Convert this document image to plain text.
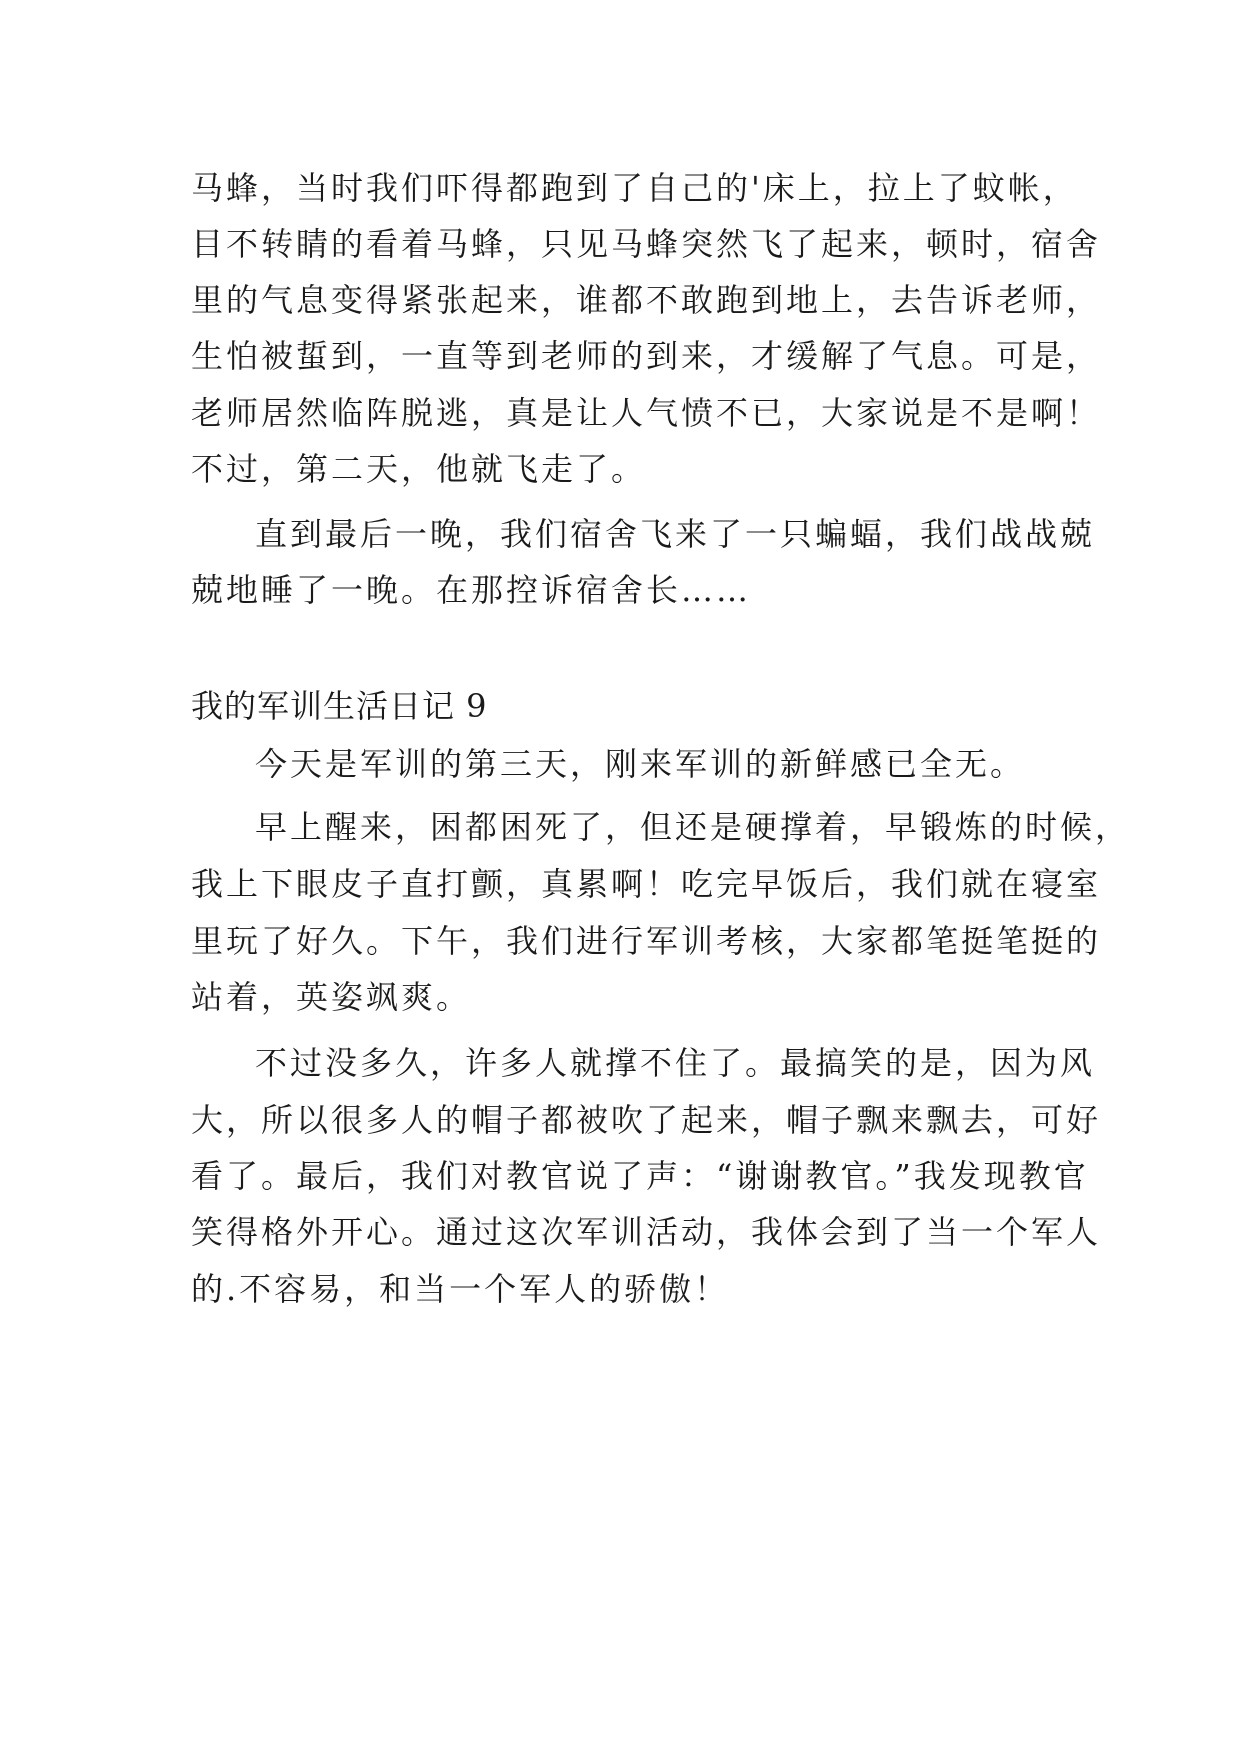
马蜂，当时我们吓得都跑到了自己的'床上，拉上了蚊帐，
目不转睛的看着马蜂，只见马蜂突然飞了起来，顿时，宿舍
里的气息变得紧张起来，谁都不敢跑到地上，去告诉老师，
生怕被蜇到，一直等到老师的到来，才缓解了气息。可是，
老师居然临阵脱逃，真是让人气愤不已，大家说是不是啊！
不过，第二天，他就飞走了。
直到最后一晚，我们宿舍飞来了一只蝙蝠，我们战战兢
兢地睡了一晚。在那控诉宿舍长……
我的军训生活日记 9
今天是军训的第三天，刚来军训的新鲜感已全无。
早上醒来，困都困死了，但还是硬撑着，早锻炼的时候，
我上下眼皮子直打颤，真累啊！吃完早饭后，我们就在寝室
里玩了好久。下午，我们进行军训考核，大家都笔挺笔挺的
站着，英姿飒爽。
不过没多久，许多人就撑不住了。最搞笑的是，因为风
大，所以很多人的帽子都被吹了起来，帽子飘来飘去，可好
看了。最后，我们对教官说了声：“谢谢教官。”我发现教官
笑得格外开心。通过这次军训活动，我体会到了当一个军人
的.不容易，和当一个军人的骄傲！
